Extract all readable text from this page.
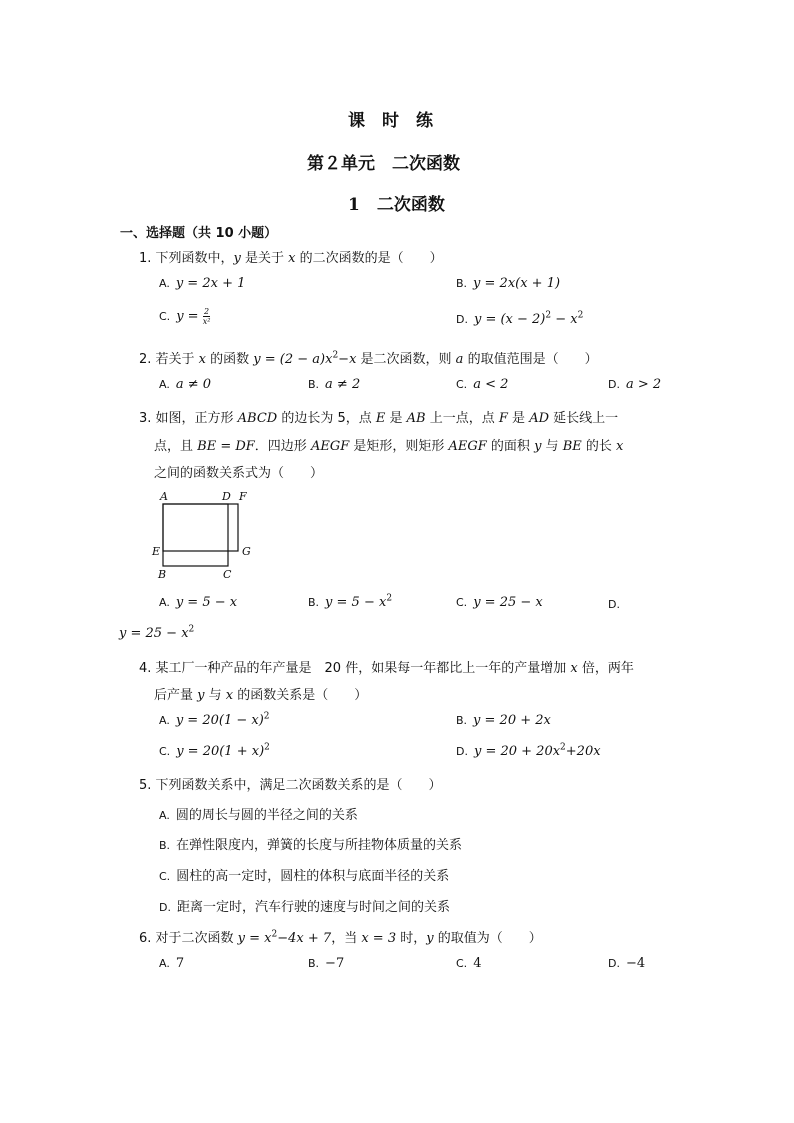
课　时　练
第２单元　二次函数
1　二次函数
一、选择题（共 10 小题）
1. 下列函数中，y 是关于 x 的二次函数的是（　　）
A. y = 2x + 1	B. y = 2x(x + 1)
C. $y = \frac{2}{\text{x²}}$	D. $y = (x - 2)^2 - x^2$
2. 若关于 x 的函数 $y = (2 - a)x^2-x$ 是二次函数，则 a 的取值范围是（　　）
A. a ≠ 0	B. a ≠ 2	C. a < 2	D. a > 2
3. 如图，正方形 ABCD 的边长为 5，点 E 是 AB 上一点，点 F 是 AD 延长线上一
点，且 BE = DF．四边形 AEGF 是矩形，则矩形 AEGF 的面积 y 与 BE 的长 x
之间的函数关系式为（　　）
A	D F
E	G
B	C
A. y = 5 − x	B. $y = 5 - x^2$	C. y = 25 − x	D.
$y = 25 - x^2$
4. 某工厂一种产品的年产量是　20 件，如果每一年都比上一年的产量增加 x 倍，两年
后产量 y 与 x 的函数关系是（　　）
A. $y = 20(1 - x)^2$	B. y = 20 + 2x
C. $y = 20(1 + x)^2$	D. $y = 20 + 20x^2+20x$
5. 下列函数关系中，满足二次函数关系的是（　　）
A. 圆的周长与圆的半径之间的关系
B. 在弹性限度内，弹簧的长度与所挂物体质量的关系
C. 圆柱的高一定时，圆柱的体积与底面半径的关系
D. 距离一定时，汽车行驶的速度与时间之间的关系
6. 对于二次函数 $y = x^2-4x + 7$，当 x = 3 时，y 的取值为（　　）
A. 7	B. −7	C. 4	D. −4
